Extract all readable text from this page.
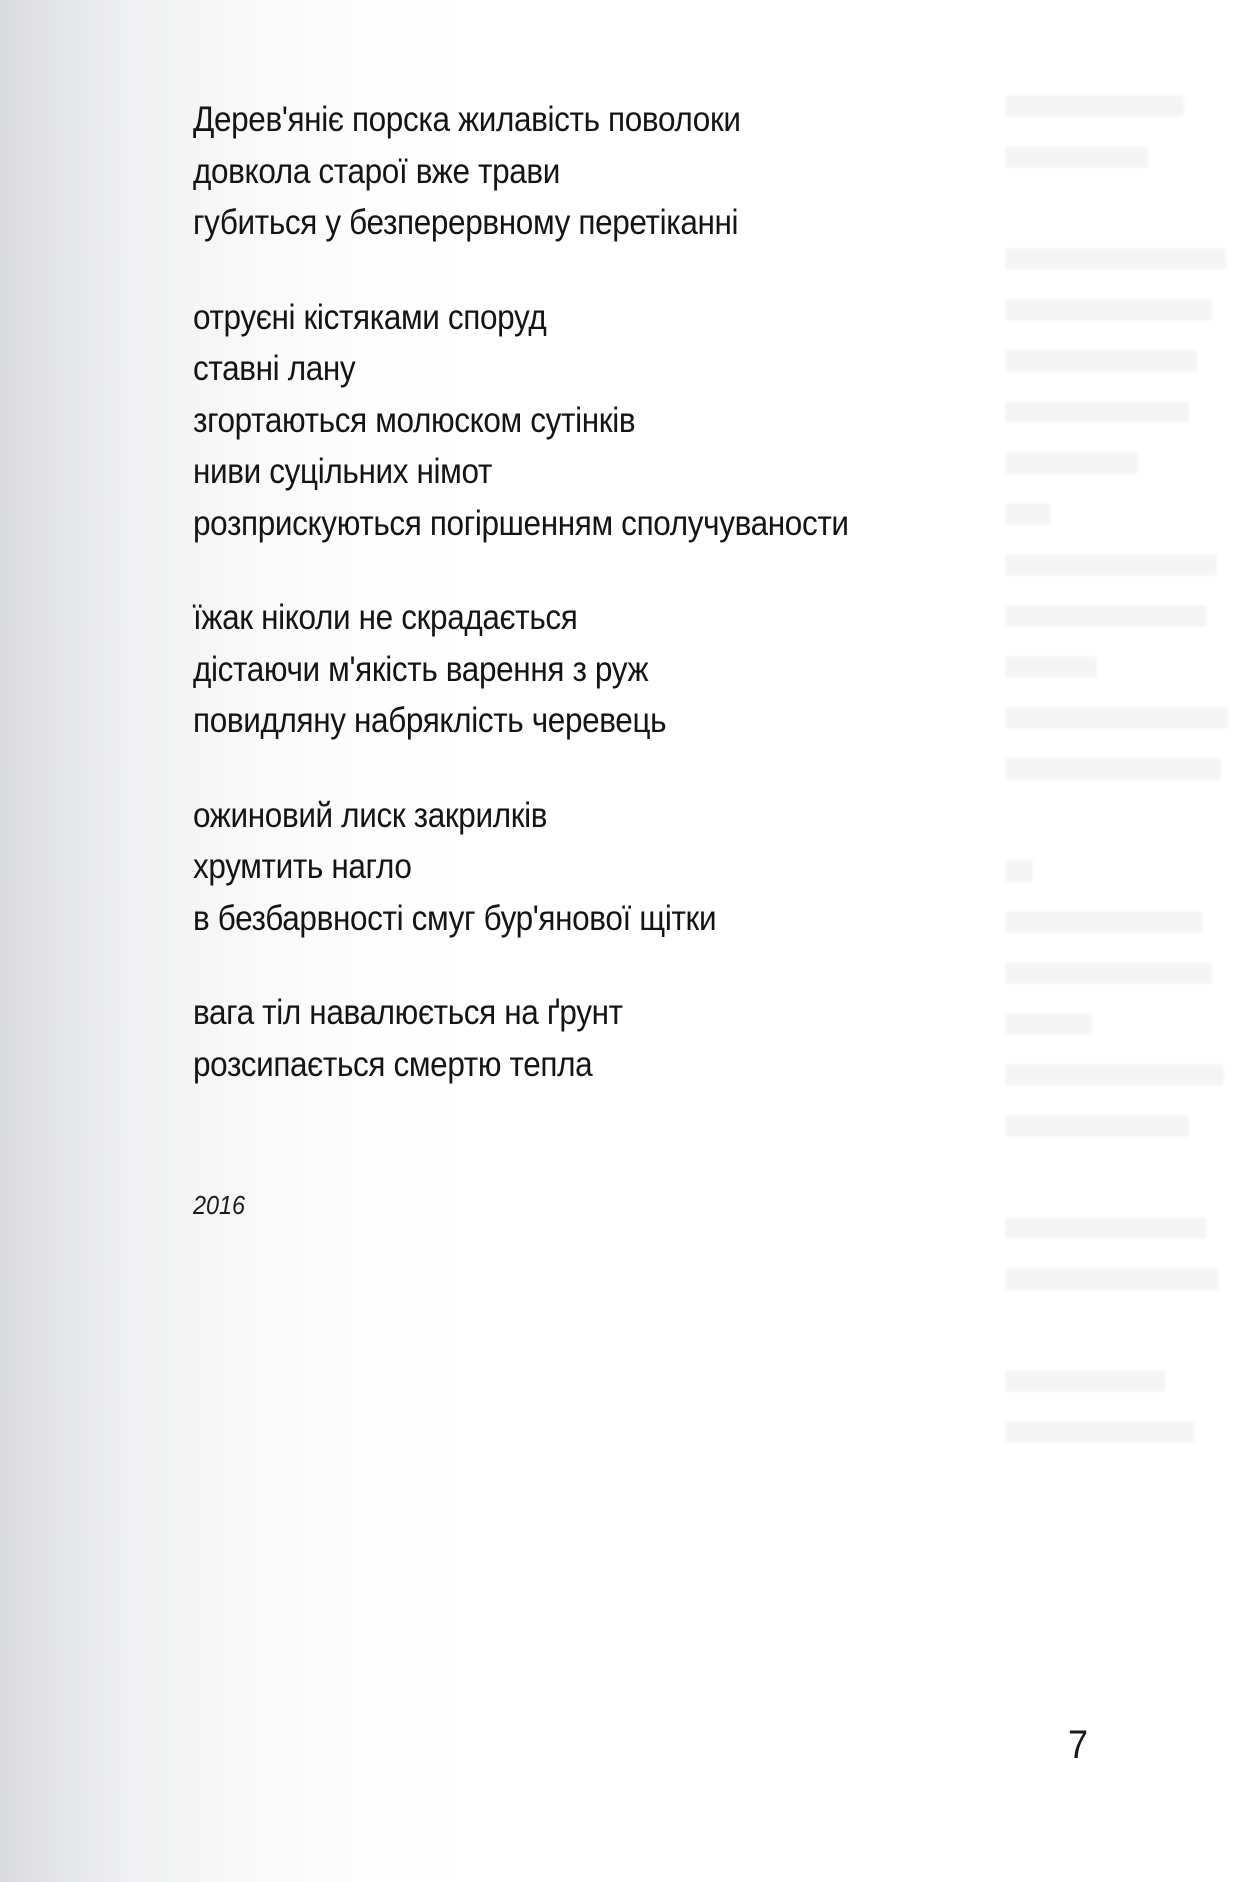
Дерев'яніє порска жилавість поволоки
довкола старої вже трави
губиться у безперервному перетіканні
отруєні кістяками споруд
ставні лану
згортаються молюском сутінків
ниви суцільних німот
розприскуються погіршенням сполучуваности
їжак ніколи не скрадається
дістаючи м'якість варення з руж
повидляну набряклість черевець
ожиновий лиск закрилків
хрумтить нагло
в безбарвності смуг бур'янової щітки
вага тіл навалюється на ґрунт
розсипається смертю тепла
2016
7
